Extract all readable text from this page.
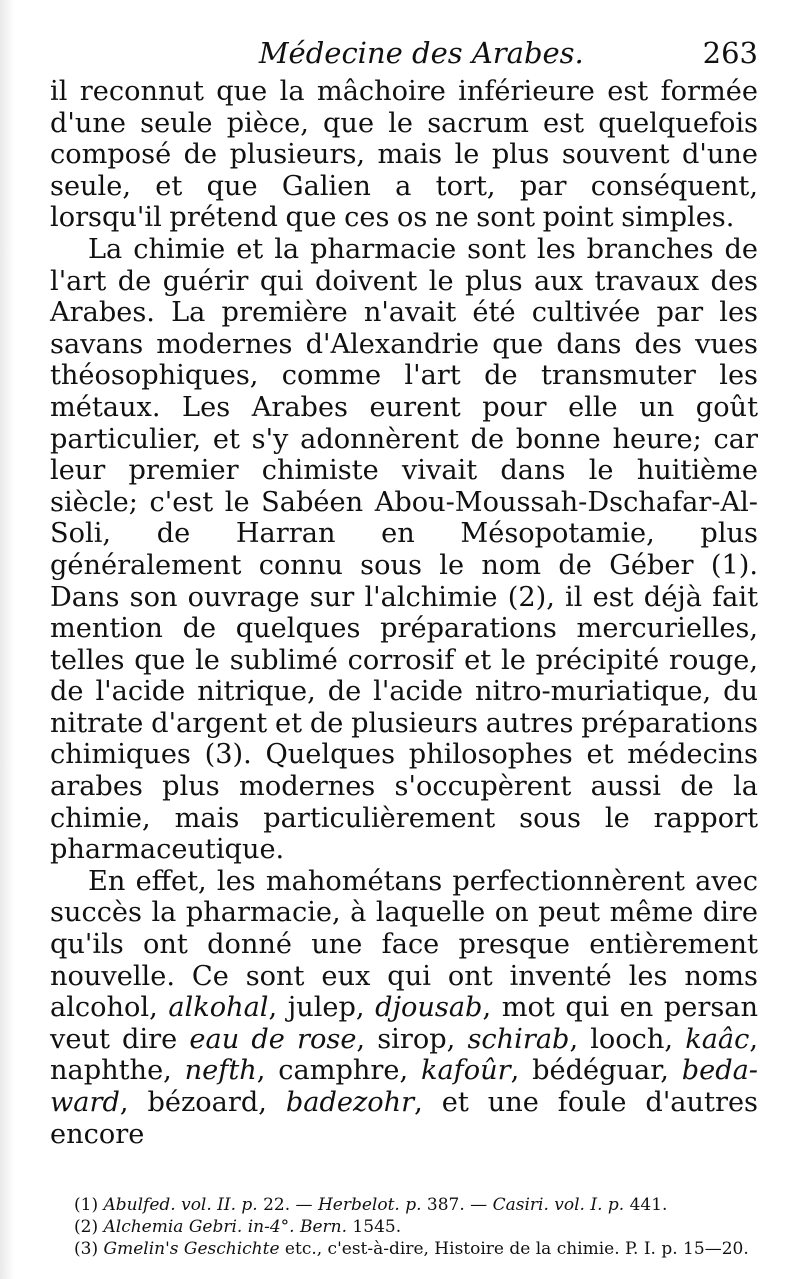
Médecine des Arabes.	263

il reconnut que la mâchoire inférieure est formée d'une seule pièce, que le sacrum est quelquefois composé de plusieurs, mais le plus souvent d'une seule, et que Galien a tort, par conséquent, lorsqu'il prétend que ces os ne sont point simples.

La chimie et la pharmacie sont les branches de l'art de guérir qui doivent le plus aux travaux des Arabes. La première n'avait été cultivée par les savans modernes d'Alexandrie que dans des vues théosophiques, comme l'art de transmuter les métaux. Les Arabes eurent pour elle un goût particulier, et s'y adonnèrent de bonne heure; car leur premier chimiste vivait dans le huitième siècle; c'est le Sabéen Abou-Moussah-Dschafar-Al-Soli, de Harran en Mésopotamie, plus généralement connu sous le nom de Géber (1). Dans son ouvrage sur l'alchimie (2), il est déjà fait mention de quelques préparations mercurielles, telles que le sublimé corrosif et le précipité rouge, de l'acide nitrique, de l'acide nitro-muriatique, du nitrate d'argent et de plusieurs autres préparations chimiques (3). Quelques philosophes et médecins arabes plus modernes s'occupèrent aussi de la chimie, mais particulièrement sous le rapport pharmaceutique.

En effet, les mahométans perfectionnèrent avec succès la pharmacie, à laquelle on peut même dire qu'ils ont donné une face presque entièrement nouvelle. Ce sont eux qui ont inventé les noms alcohol, alkohal, julep, djousab, mot qui en persan veut dire eau de rose, sirop, schirab, looch, kaâc, naphthe, nefth, camphre, kafoûr, bédéguar, beda-ward, bézoard, badezohr, et une foule d'autres encore

(1) Abulfed. vol. II. p. 22. — Herbelot. p. 387. — Casiri. vol. I. p. 441.

(2) Alchemia Gebri. in-4°. Bern. 1545.

(3) Gmelin's Geschichte etc., c'est-à-dire, Histoire de la chimie. P. I. p. 15—20.
